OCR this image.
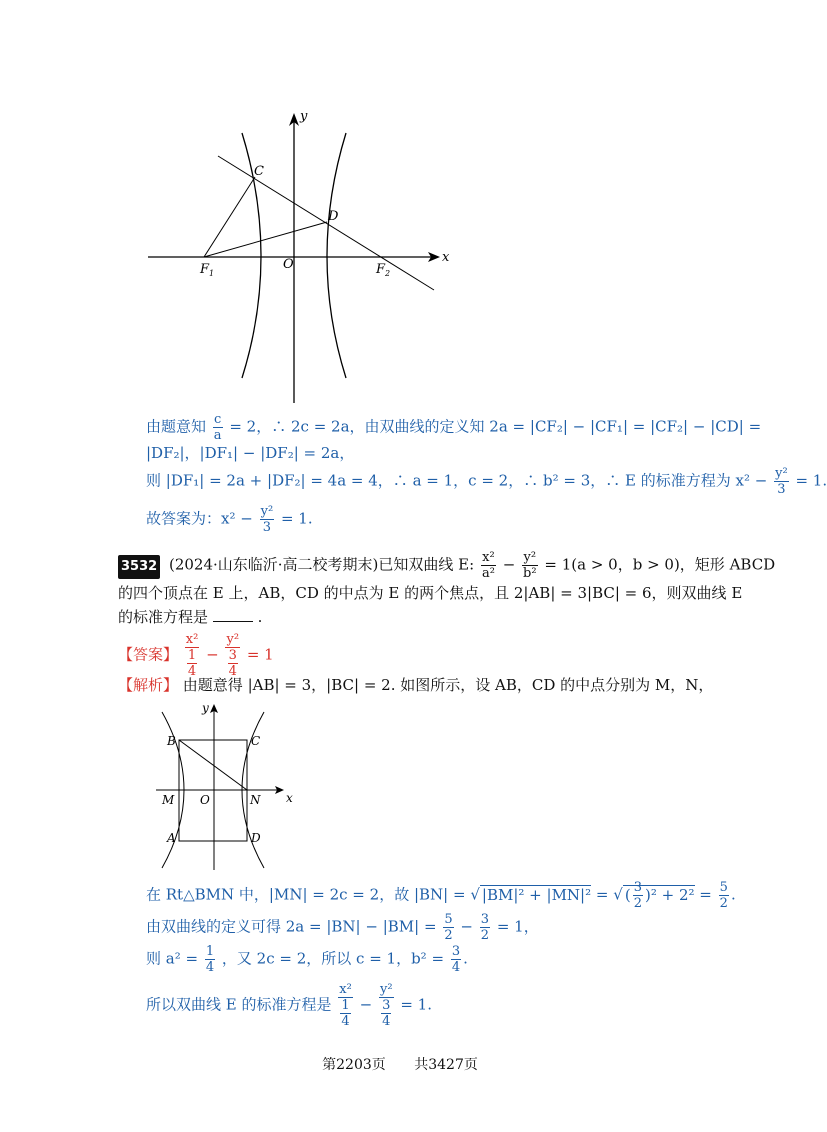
y
x
C
D
$F_1$
O	$F_2$
由题意知 $\frac{c}{a} = 2$，∴ 2c = 2a，由双曲线的定义知 2a = |CF₂| − |CF₁| = |CF₂| − |CD| =
|DF₂|，|DF₁| − |DF₂| = 2a，
则 |DF₁| = 2a + |DF₂| = 4a = 4，∴ a = 1，c = 2，∴ b² = 3，∴ E 的标准方程为 $x^2 - \frac{\text{y²}}{3} = 1$.
故答案为：$x^2 - \frac{\text{y²}}{3} = 1$.
3532 (2024·山东临沂·高二校考期末)已知双曲线 E: $\frac{\text{x²}}{\text{a²}} - \frac{\text{y²}}{\text{b²}} = 1(a > 0$，b > 0)，矩形 ABCD
的四个顶点在 E 上，AB，CD 的中点为 E 的两个焦点，且 2|AB| = 3|BC| = 6，则双曲线 E
的标准方程是	.
【答案】 $\frac{\text{x²}}{\frac{1}{4}} - \frac{\text{y²}}{\frac{3}{4}} = 1$
【解析】 由题意得 |AB| = 3，|BC| = 2. 如图所示，设 AB，CD 的中点分别为 M，N，
y
x
B	C
M O	N
A	D
在 Rt△BMN 中，|MN| = 2c = 2，故 |BN| = √ |BM|² + |MN|² = √ ( $\frac{3}{2} )^2 + 2^2 = \frac{5}{2}$ .
由双曲线的定义可得 $2a = |BN| - |BM| = \frac{5}{2} - \frac{3}{2} = 1$，
则 $a^2 = \frac{1}{4}$ ，又 2c = 2，所以 c = 1，$b^2 = \frac{3}{4}$ .
所以双曲线 E 的标准方程是 $\frac{\text{x²}}{\frac{1}{4}} - \frac{\text{y²}}{\frac{3}{4}} = 1$.
第2203页 共3427页
